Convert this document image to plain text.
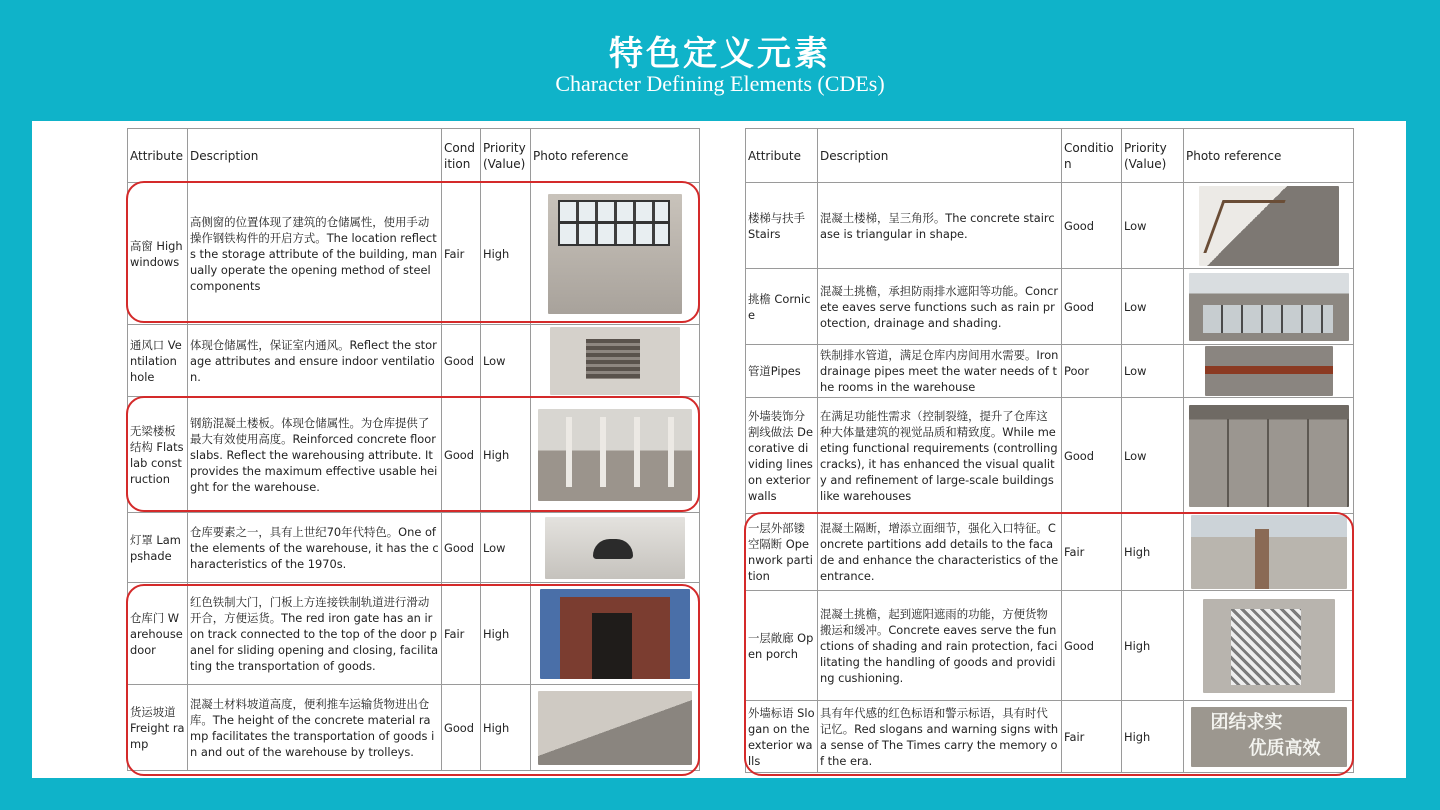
特色定义元素
Character Defining Elements (CDEs)
Attribute	Description	Condition	Priority (Value)	Photo reference
高窗 High windows	高侧窗的位置体现了建筑的仓储属性，使用手动操作钢铁构件的开启方式。The location reflects the storage attribute of the building, manually operate the opening method of steel components	Fair	High	

通风口 Ventilation hole	体现仓储属性，保证室内通风。Reflect the storage attributes and ensure indoor ventilation.	Good	Low	

无梁楼板结构 Flatslab construction	钢筋混凝土楼板。体现仓储属性。为仓库提供了最大有效使用高度。Reinforced concrete floor slabs. Reflect the warehousing attribute. It provides the maximum effective usable height for the warehouse.	Good	High	

灯罩 Lampshade	仓库要素之一，具有上世纪70年代特色。One of the elements of the warehouse, it has the characteristics of the 1970s.	Good	Low	

仓库门 Warehouse door	红色铁制大门，门板上方连接铁制轨道进行滑动开合，方便运货。The red iron gate has an iron track connected to the top of the door panel for sliding opening and closing, facilitating the transportation of goods.	Fair	High	

货运坡道 Freight ramp	混凝土材料坡道高度，便利推车运输货物进出仓库。The height of the concrete material ramp facilitates the transportation of goods in and out of the warehouse by trolleys.	Good	High	
Attribute	Description	Condition	Priority (Value)	Photo reference
楼梯与扶手 Stairs	混凝土楼梯，呈三角形。The concrete staircase is triangular in shape.	Good	Low	

挑檐 Cornice	混凝土挑檐，承担防雨排水遮阳等功能。Concrete eaves serve functions such as rain protection, drainage and shading.	Good	Low	

管道Pipes	铁制排水管道，满足仓库内房间用水需要。Iron drainage pipes meet the water needs of the rooms in the warehouse	Poor	Low	

外墙装饰分割线做法 Decorative dividing lines on exterior walls	在满足功能性需求（控制裂缝，提升了仓库这种大体量建筑的视觉品质和精致度。While meeting functional requirements (controlling cracks), it has enhanced the visual quality and refinement of large-scale buildings like warehouses	Good	Low	

一层外部镂空隔断 Openwork partition	混凝土隔断，增添立面细节，强化入口特征。Concrete partitions add details to the facade and enhance the characteristics of the entrance.	Fair	High	

一层敞廊 Open porch	混凝土挑檐，起到遮阳遮雨的功能，方便货物搬运和缓冲。Concrete eaves serve the functions of shading and rain protection, facilitating the handling of goods and providing cushioning.	Good	High	

外墙标语 Slogan on the exterior walls	具有年代感的红色标语和警示标语，具有时代记忆。Red slogans and warning signs with a sense of The Times carry the memory of the era.	Fair	High	团结求实
优质高效
